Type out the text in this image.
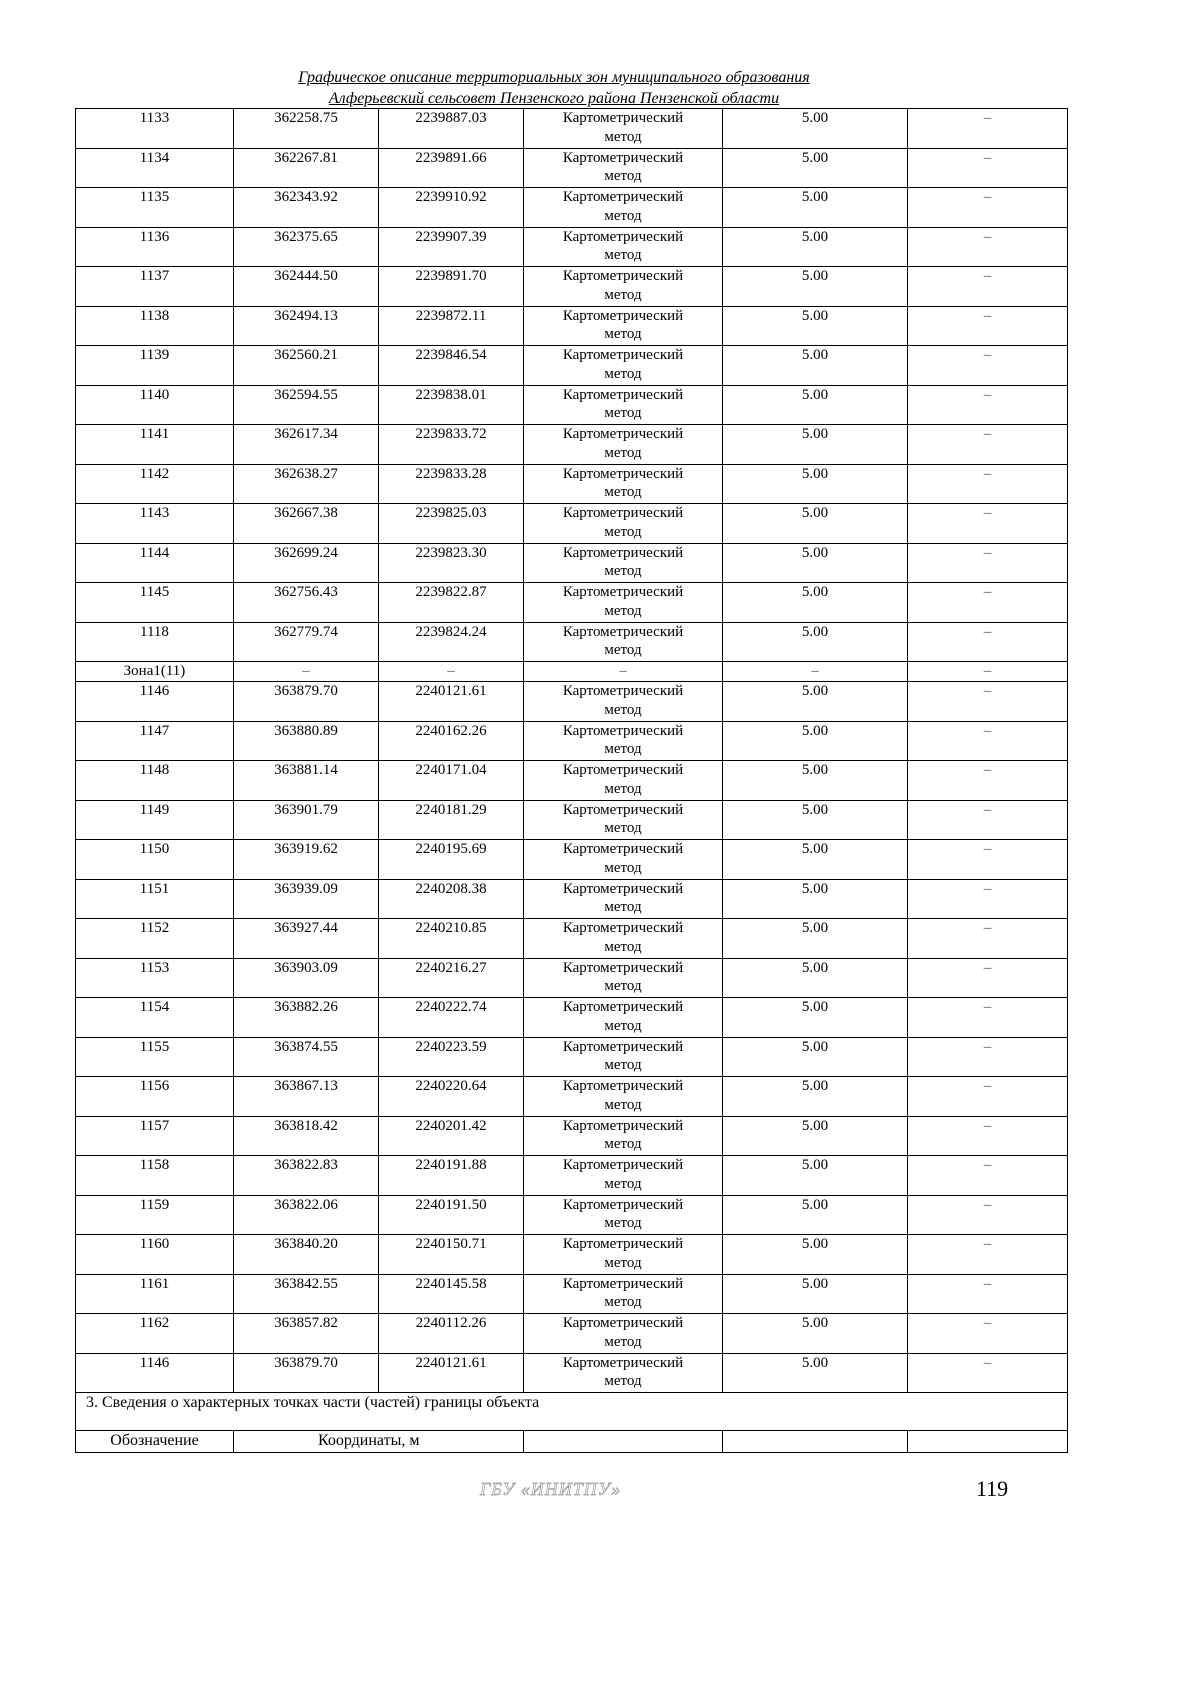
Графическое описание территориальных зон муниципального образования
Алферьевский сельсовет Пензенского района Пензенской области
1133	362258.75	2239887.03	Картометрический
метод	5.00	–
1134	362267.81	2239891.66	Картометрический
метод	5.00	–
1135	362343.92	2239910.92	Картометрический
метод	5.00	–
1136	362375.65	2239907.39	Картометрический
метод	5.00	–
1137	362444.50	2239891.70	Картометрический
метод	5.00	–
1138	362494.13	2239872.11	Картометрический
метод	5.00	–
1139	362560.21	2239846.54	Картометрический
метод	5.00	–
1140	362594.55	2239838.01	Картометрический
метод	5.00	–
1141	362617.34	2239833.72	Картометрический
метод	5.00	–
1142	362638.27	2239833.28	Картометрический
метод	5.00	–
1143	362667.38	2239825.03	Картометрический
метод	5.00	–
1144	362699.24	2239823.30	Картометрический
метод	5.00	–
1145	362756.43	2239822.87	Картометрический
метод	5.00	–
1118	362779.74	2239824.24	Картометрический
метод	5.00	–
Зона1(11)	–	–	–	–	–
1146	363879.70	2240121.61	Картометрический
метод	5.00	–
1147	363880.89	2240162.26	Картометрический
метод	5.00	–
1148	363881.14	2240171.04	Картометрический
метод	5.00	–
1149	363901.79	2240181.29	Картометрический
метод	5.00	–
1150	363919.62	2240195.69	Картометрический
метод	5.00	–
1151	363939.09	2240208.38	Картометрический
метод	5.00	–
1152	363927.44	2240210.85	Картометрический
метод	5.00	–
1153	363903.09	2240216.27	Картометрический
метод	5.00	–
1154	363882.26	2240222.74	Картометрический
метод	5.00	–
1155	363874.55	2240223.59	Картометрический
метод	5.00	–
1156	363867.13	2240220.64	Картометрический
метод	5.00	–
1157	363818.42	2240201.42	Картометрический
метод	5.00	–
1158	363822.83	2240191.88	Картометрический
метод	5.00	–
1159	363822.06	2240191.50	Картометрический
метод	5.00	–
1160	363840.20	2240150.71	Картометрический
метод	5.00	–
1161	363842.55	2240145.58	Картометрический
метод	5.00	–
1162	363857.82	2240112.26	Картометрический
метод	5.00	–
1146	363879.70	2240121.61	Картометрический
метод	5.00	–
3. Сведения о характерных точках части (частей) границы объекта					
Обозначение	Координаты, м				
ГБУ «ИНИТПУ»	119
